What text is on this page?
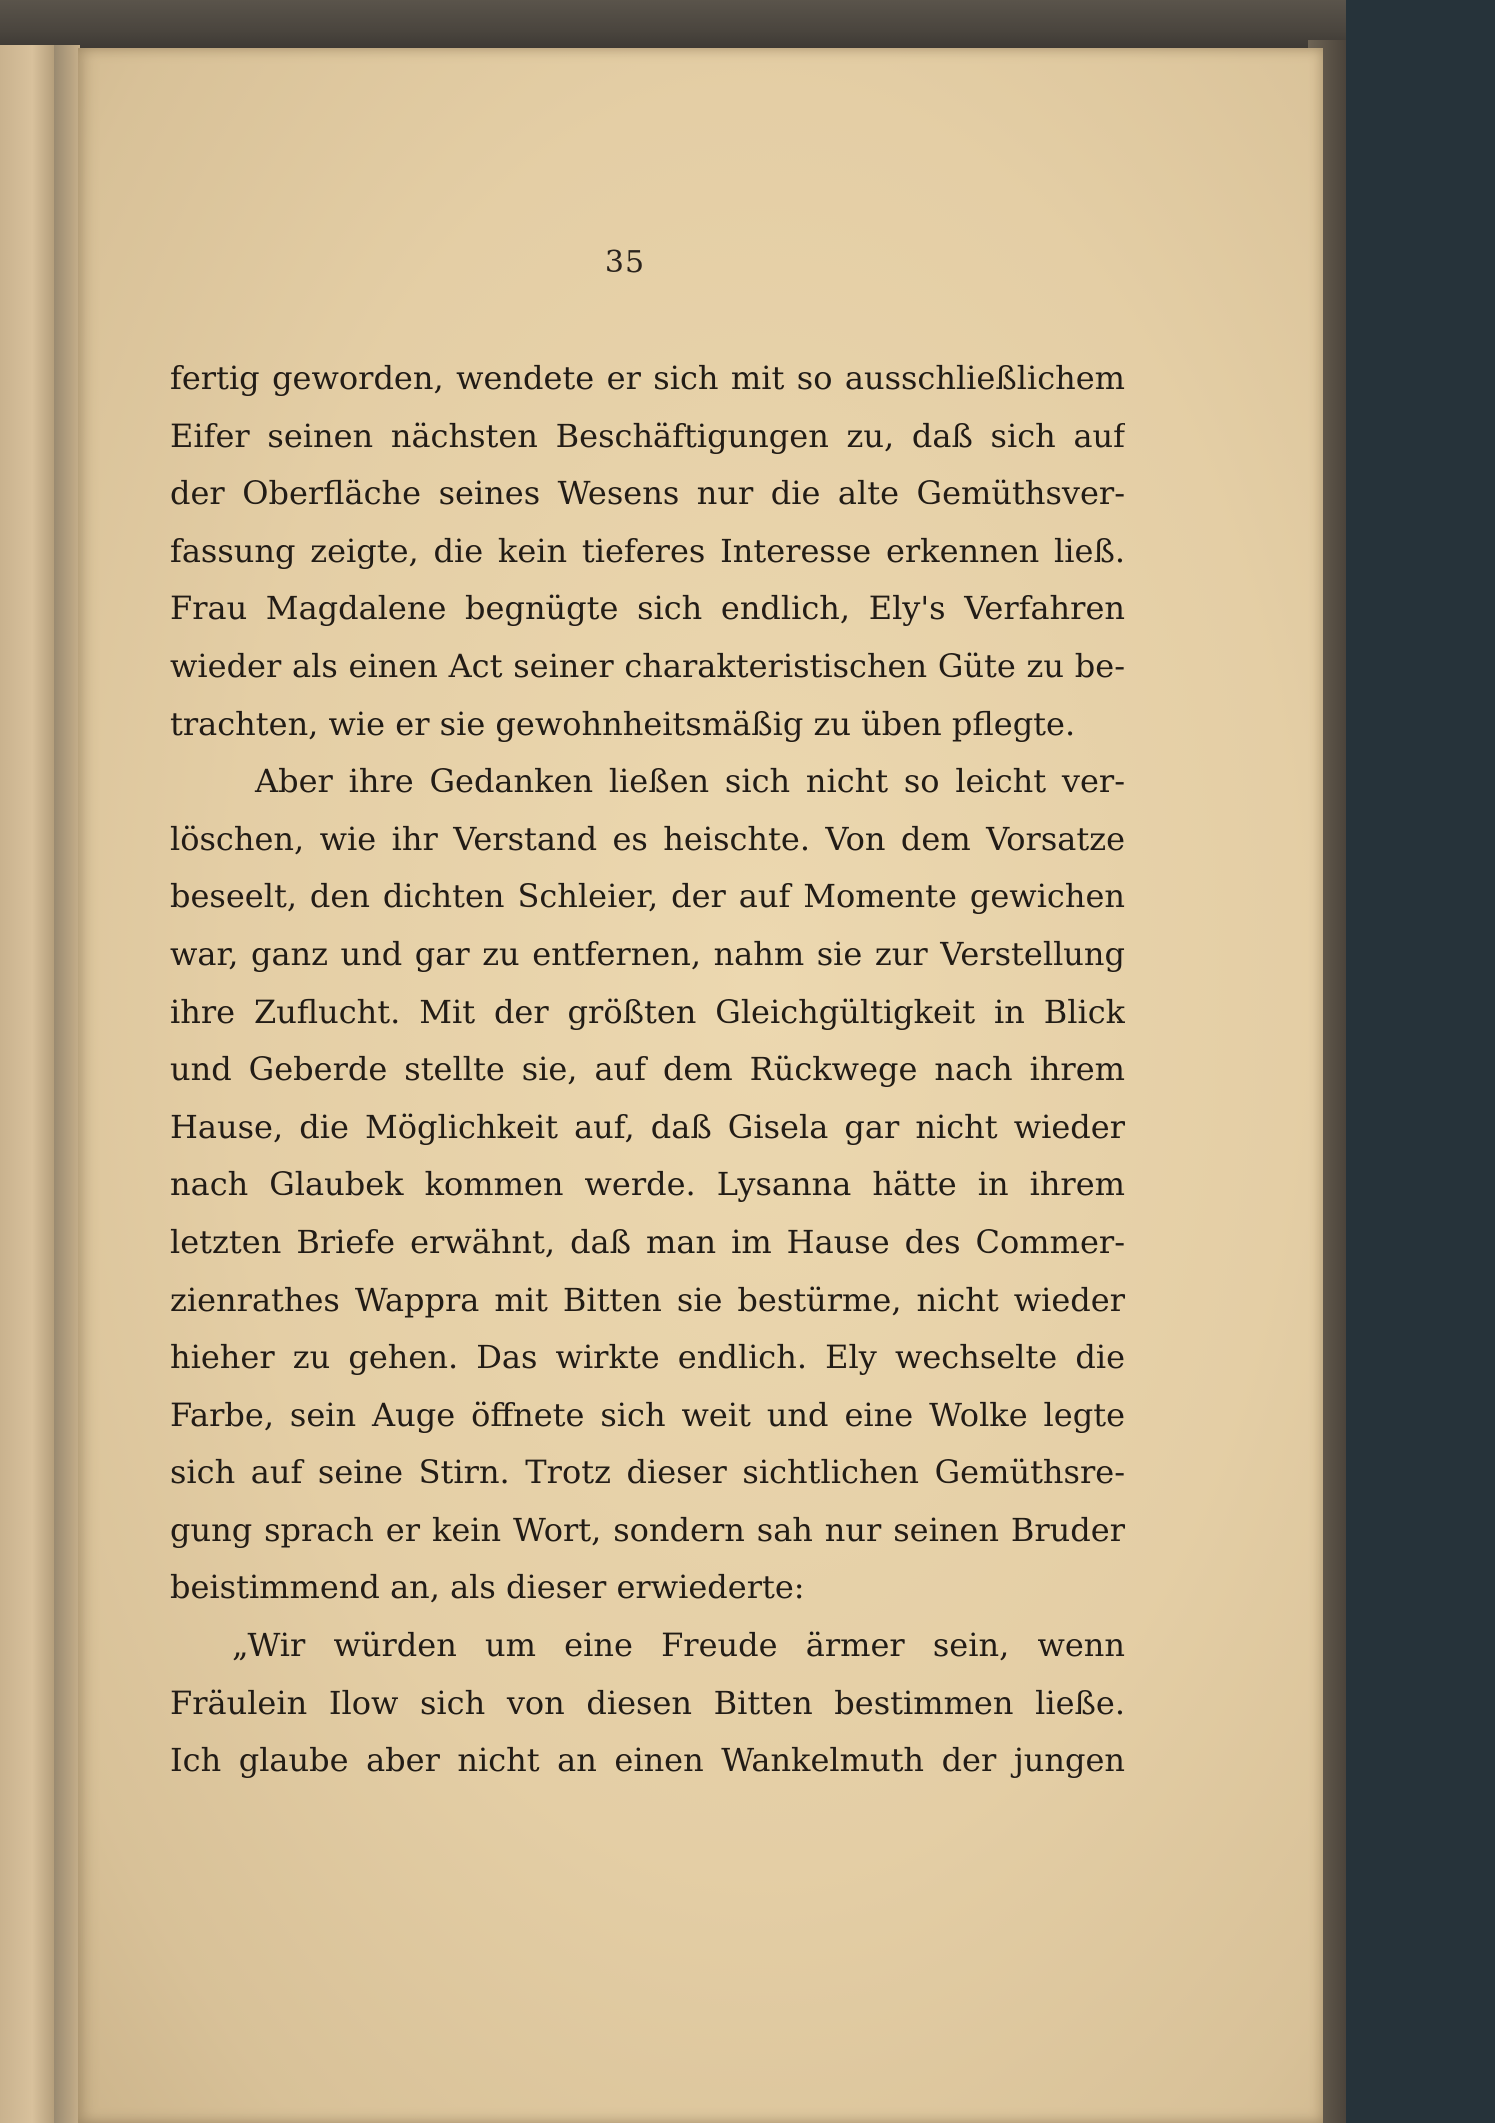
35
fertig geworden, wendete er sich mit so ausschließlichem
Eifer seinen nächsten Beschäftigungen zu, daß sich auf
der Oberfläche seines Wesens nur die alte Gemüthsver-
fassung zeigte, die kein tieferes Interesse erkennen ließ.
Frau Magdalene begnügte sich endlich, Ely's Verfahren
wieder als einen Act seiner charakteristischen Güte zu be-
trachten, wie er sie gewohnheitsmäßig zu üben pflegte.
Aber ihre Gedanken ließen sich nicht so leicht ver-
löschen, wie ihr Verstand es heischte. Von dem Vorsatze
beseelt, den dichten Schleier, der auf Momente gewichen
war, ganz und gar zu entfernen, nahm sie zur Verstellung
ihre Zuflucht. Mit der größten Gleichgültigkeit in Blick
und Geberde stellte sie, auf dem Rückwege nach ihrem
Hause, die Möglichkeit auf, daß Gisela gar nicht wieder
nach Glaubek kommen werde. Lysanna hätte in ihrem
letzten Briefe erwähnt, daß man im Hause des Commer-
zienrathes Wappra mit Bitten sie bestürme, nicht wieder
hieher zu gehen. Das wirkte endlich. Ely wechselte die
Farbe, sein Auge öffnete sich weit und eine Wolke legte
sich auf seine Stirn. Trotz dieser sichtlichen Gemüthsre-
gung sprach er kein Wort, sondern sah nur seinen Bruder
beistimmend an, als dieser erwiederte:
„Wir würden um eine Freude ärmer sein, wenn
Fräulein Ilow sich von diesen Bitten bestimmen ließe.
Ich glaube aber nicht an einen Wankelmuth der jungen
